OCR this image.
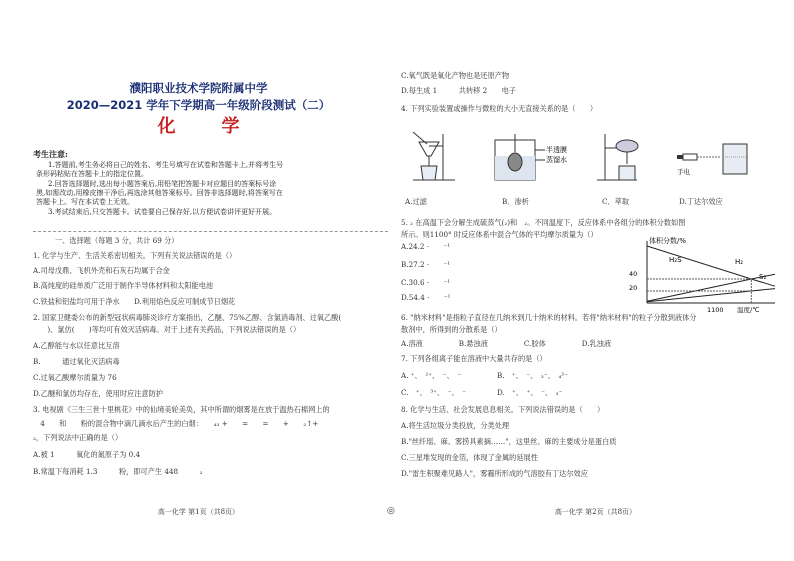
濮阳职业技术学院附属中学
2020—2021 学年下学期高一年级阶段测试（二）
化　学
考生注意:
1.答题前,考生务必将自己的姓名、考生号填写在试卷和答题卡上,并将考生号
条形码粘贴在答题卡上的指定位置。
2.回答选择题时,选出每小题答案后,用铅笔把答题卡对应题目的答案标号涂
黑,如需改动,用橡皮擦干净后,再选涂其他答案标号。回答非选择题时,将答案写在
答题卡上。写在本试卷上无效。
3.考试结束后,只交答题卡。试卷要自己保存好,以方便试卷讲评更好开展。
一、选择题（每题 3 分，共计 69 分）
1. 化学与生产、生活关系密切相关。下列有关说法错误的是（）
A.司母戊鼎、飞机外壳和石灰石均属于合金
B.高纯度的硅单质广泛用于制作半导体材料和太阳能电池
C.铁盐和铝盐均可用于净水　　D.利用焰色反应可制成节日烟花
2. 国家卫健委公布的新型冠状病毒肺炎诊疗方案指出，乙醚、75%乙醇、含氯消毒剂、过氧乙酸(
　　)、氯仿(　　)等均可有效灭活病毒。对于上述有关药品，下列说法错误的是（）
A.乙醇能与水以任意比互溶
B.　　　通过氧化灭活病毒
C.过氧乙酸摩尔质量为 76
D.乙醚和氯仿均存在，使用时应注意防护
3. 电视剧《三生三世十里桃花》中的仙境美轮美奂，其中所谓的烟雾是在放于温热石棉网上的
　4　　和　　粉的混合物中滴几滴水后产生的白烟：　　₄₃ +　　=　　=　　+　　₂↑+
₂，下列说法中正确的是（）
A.被 1　　　氧化的氮原子为 0.4
B.常温下每消耗 1.3　　　粉，即可产生 448　　　₂
高一化学 第1页（共8页）	◎
C.氧气既是氧化产物也是还原产物
D.每生成 1　　　共转移 2　　电子
4. 下列实验装置或操作与微粒的大小无直接关系的是（　　）
半透膜
蒸馏水
手电
A.过滤	B．渗析	C．萃取	D.丁达尔效应
5. ₂ 在高温下会分解生成硫蒸气(₂)和　₂。不同温度下，反应体系中各组分的体积分数如图
所示。则1100° 时反应体系中混合气体的平均摩尔质量为（）
A.24.2 ·　　⁻¹
B.27.2 ·　　⁻¹
C.30.6 ·　　⁻¹
D.54.4 ·　　⁻¹
体积分数/%
温度/℃
40
20
1100
H₂S	H₂
S₂
6. "纳米材料"是指粒子直径在几纳米到几十纳米的材料。若将"纳米材料"的粒子分散到液体分
散剂中，所得到的分散系是（）
A.溶液　　　　　B.悬浊液　　　　　C.胶体　　　　　D.乳浊液
7. 下列各组离子能在溶液中大量共存的是（）
A. ⁺、　²⁺、　⁻、　⁻	B.　⁺、　⁻、　₃⁻、　₄²⁻
C.　⁺、　³⁺、　⁻、　⁻	D.　⁺、　⁺、　⁻、　₃⁻
8. 化学与生活、社会发展息息相关。下列说法错误的是（　　）
A.将生活垃圾分类投放，分类处理
B."丝纤瑶、麻、雾捞具素摘……"，这里丝、麻的主要成分是蛋白质
C.三星堆发现的金箔，体现了金属的延展性
D."雷生积聚难见路人"，雾霾所形成的气溶胶有丁达尔效应
高一化学 第2页（共8页）
